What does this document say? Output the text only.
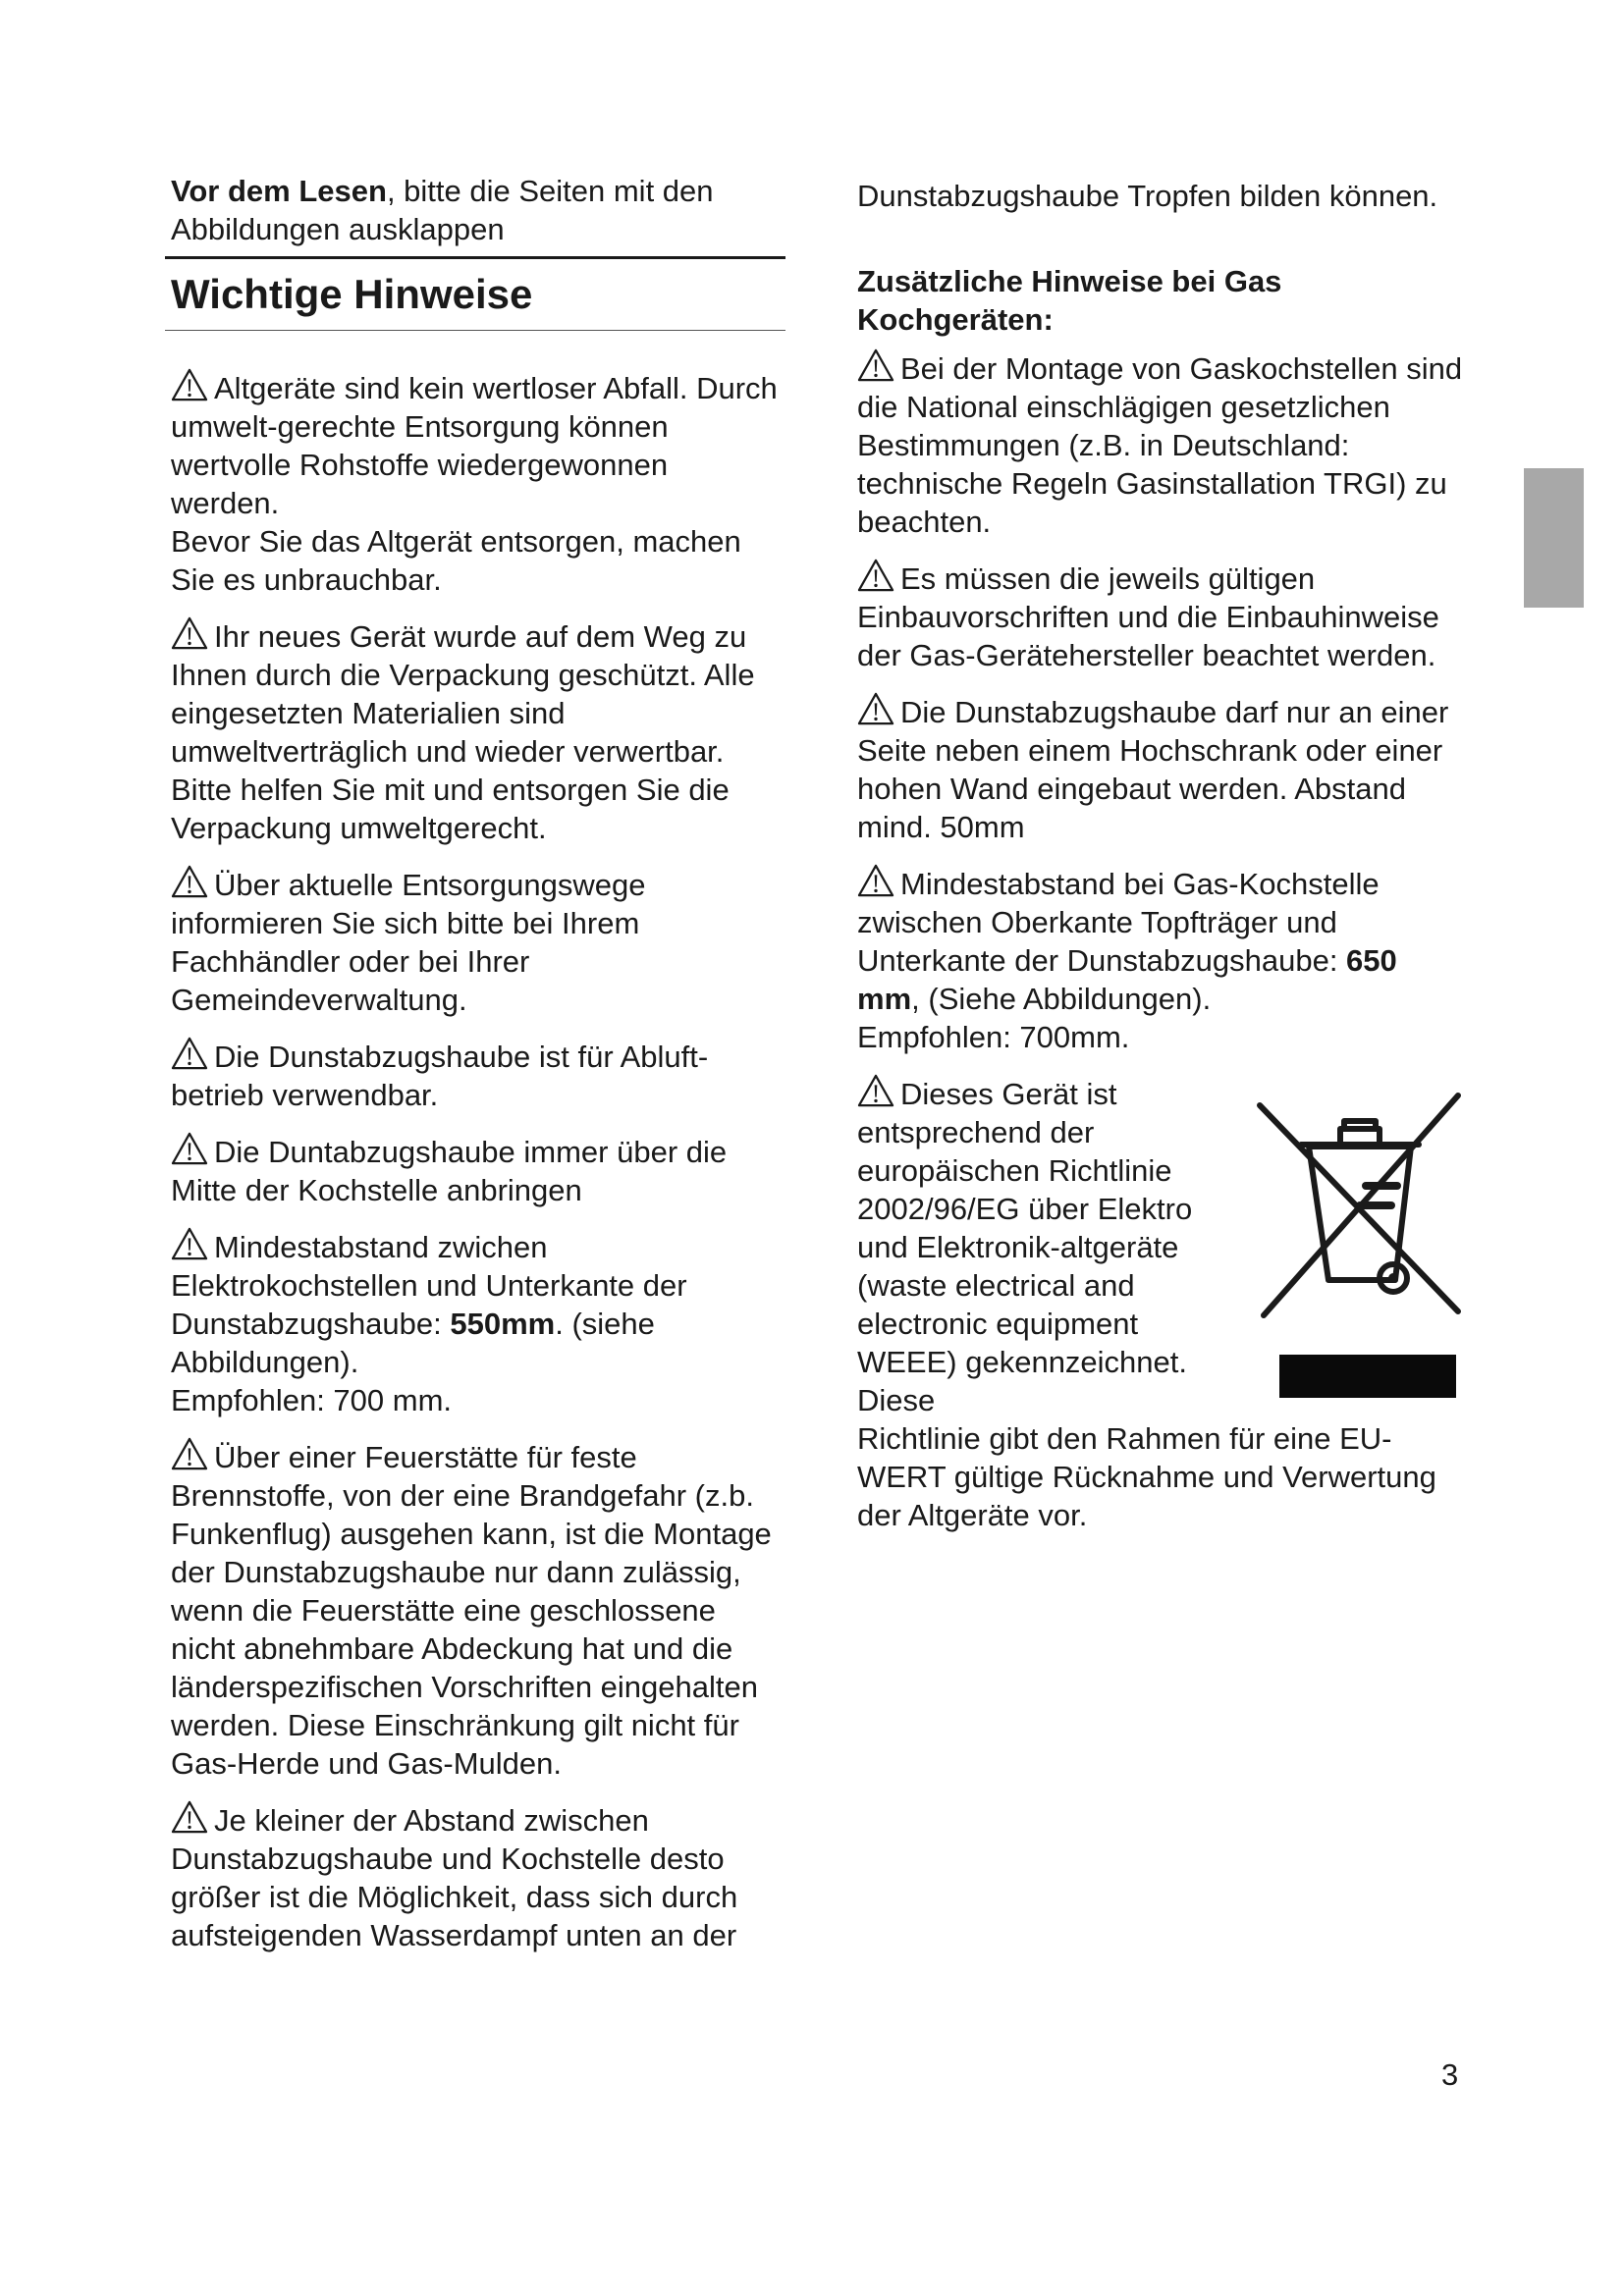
Vor dem Lesen, bitte die Seiten mit den Abbildungen ausklappen

Wichtige Hinweise

Altgeräte sind kein wertloser Abfall. Durch umwelt-gerechte Entsorgung können wertvolle Rohstoffe wiedergewonnen werden.
Bevor Sie das Altgerät entsorgen, machen Sie es unbrauchbar.

Ihr neues Gerät wurde auf dem Weg zu Ihnen durch die Verpackung geschützt. Alle eingesetzten Materialien sind umweltverträglich und wieder verwertbar. Bitte helfen Sie mit und entsorgen Sie die Verpackung umweltgerecht.

Über aktuelle Entsorgungswege informieren Sie sich bitte bei Ihrem Fachhändler oder bei Ihrer Gemeindeverwaltung.

Die Dunstabzugshaube ist für Abluft-betrieb verwendbar.

Die Duntabzugshaube immer über die Mitte der Kochstelle anbringen

Mindestabstand zwichen Elektrokochstellen und Unterkante der Dunstabzugshaube: 550mm. (siehe Abbildungen).
Empfohlen: 700 mm.

Über einer Feuerstätte für feste Brennstoffe, von der eine Brandgefahr (z.b. Funkenflug) ausgehen kann, ist die Montage der Dunstabzugshaube nur dann zulässig, wenn die Feuerstätte eine geschlossene nicht abnehmbare Abdeckung hat und die länderspezifischen Vorschriften eingehalten werden. Diese Einschränkung gilt nicht für Gas-Herde und Gas-Mulden.

Je kleiner der Abstand zwischen Dunstabzugshaube und Kochstelle desto größer ist die Möglichkeit, dass sich durch aufsteigenden Wasserdampf unten an der

Dunstabzugshaube Tropfen bilden können.

Zusätzliche Hinweise bei Gas Kochgeräten:

Bei der Montage von Gaskochstellen sind die National einschlägigen gesetzlichen Bestimmungen (z.B. in Deutschland: technische Regeln Gasinstallation TRGI) zu beachten.

Es müssen die jeweils gültigen Einbauvorschriften und die Einbauhinweise der Gas-Gerätehersteller beachtet werden.

Die Dunstabzugshaube darf nur an einer Seite neben einem Hochschrank oder einer hohen Wand eingebaut werden. Abstand mind. 50mm

Mindestabstand bei Gas-Kochstelle zwischen Oberkante Topfträger und Unterkante der Dunstabzugshaube: 650 mm, (Siehe Abbildungen).
Empfohlen: 700mm.

Dieses Gerät ist entsprechend der europäischen Richtlinie 2002/96/EG über Elektro und Elektronik-altgeräte (waste electrical and electronic equipment WEEE) gekennzeichnet. Diese

Richtlinie gibt den Rahmen für eine EU-WERT gültige Rücknahme und Verwertung der Altgeräte vor.

3
